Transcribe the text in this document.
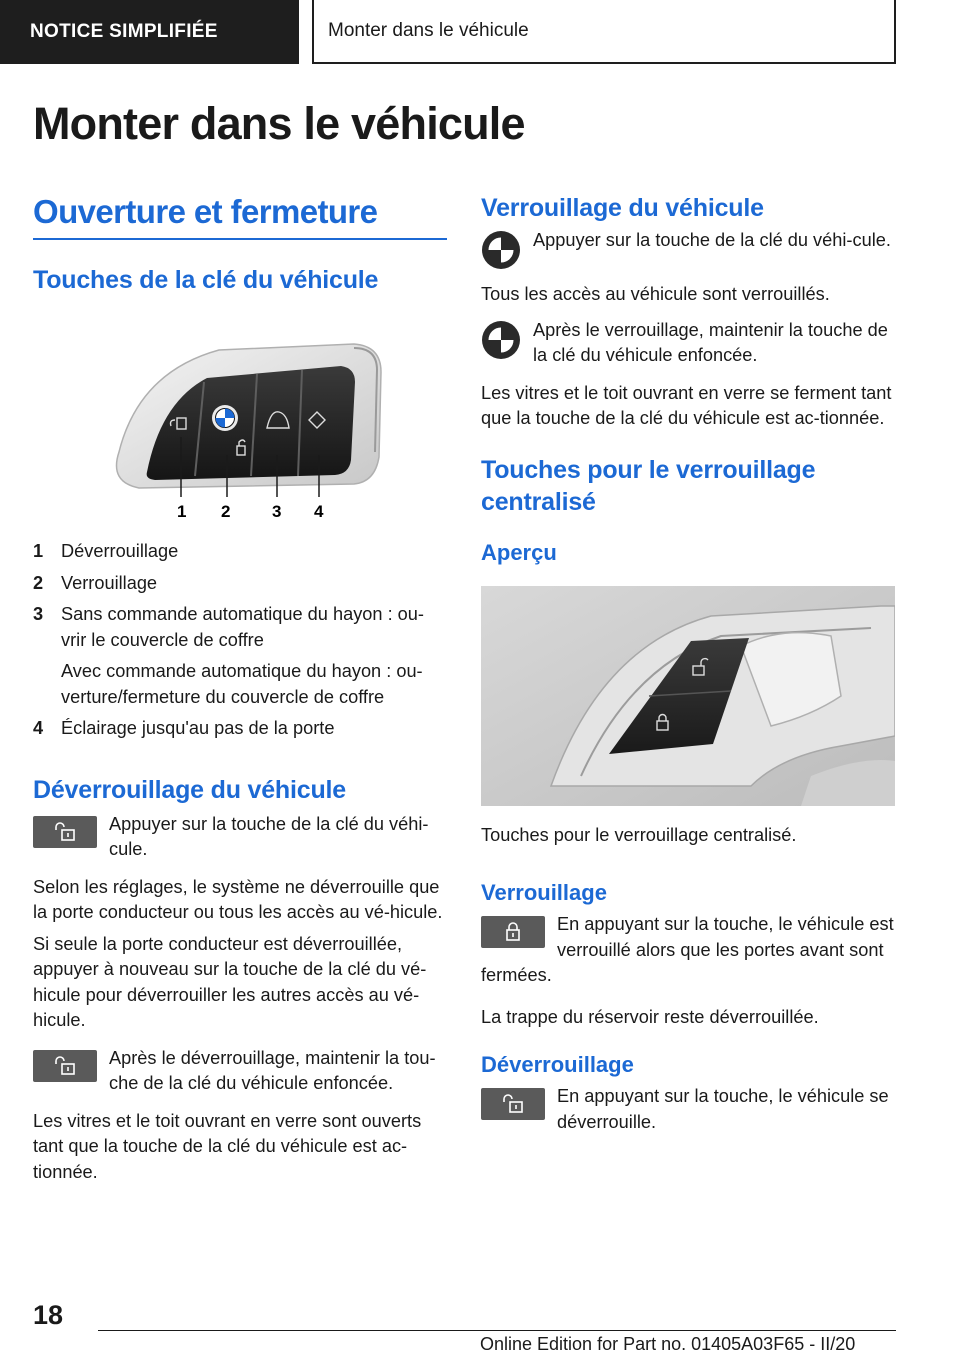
NOTICE SIMPLIFIÉE	Monter dans le véhicule
Monter dans le véhicule
Ouverture et fermeture
Touches de la clé du véhicule
1 2 3 4
1 Déverrouillage
2 Verrouillage
3 Sans commande automatique du hayon : ou-vrir le couvercle de coffre
Avec commande automatique du hayon : ou-verture/fermeture du couvercle de coffre
4 Éclairage jusqu'au pas de la porte
Déverrouillage du véhicule

Appuyer sur la touche de la clé du véhi-cule.

Selon les réglages, le système ne déverrouille que la porte conducteur ou tous les accès au vé-hicule.

Si seule la porte conducteur est déverrouillée, appuyer à nouveau sur la touche de la clé du vé-hicule pour déverrouiller les autres accès au vé-hicule.

Après le déverrouillage, maintenir la tou-che de la clé du véhicule enfoncée.

Les vitres et le toit ouvrant en verre sont ouverts tant que la touche de la clé du véhicule est ac-tionnée.

Verrouillage du véhicule

Appuyer sur la touche de la clé du véhi-cule.

Tous les accès au véhicule sont verrouillés.

Après le verrouillage, maintenir la touche de la clé du véhicule enfoncée.

Les vitres et le toit ouvrant en verre se ferment tant que la touche de la clé du véhicule est ac-tionnée.

Touches pour le verrouillage centralisé
Aperçu

Touches pour le verrouillage centralisé.

Verrouillage
En appuyant sur la touche, le véhicule est verrouillé alors que les portes avant sont fermées.

La trappe du réservoir reste déverrouillée.

Déverrouillage

En appuyant sur la touche, le véhicule se déverrouille.

18
Online Edition for Part no. 01405A03F65 - II/20
